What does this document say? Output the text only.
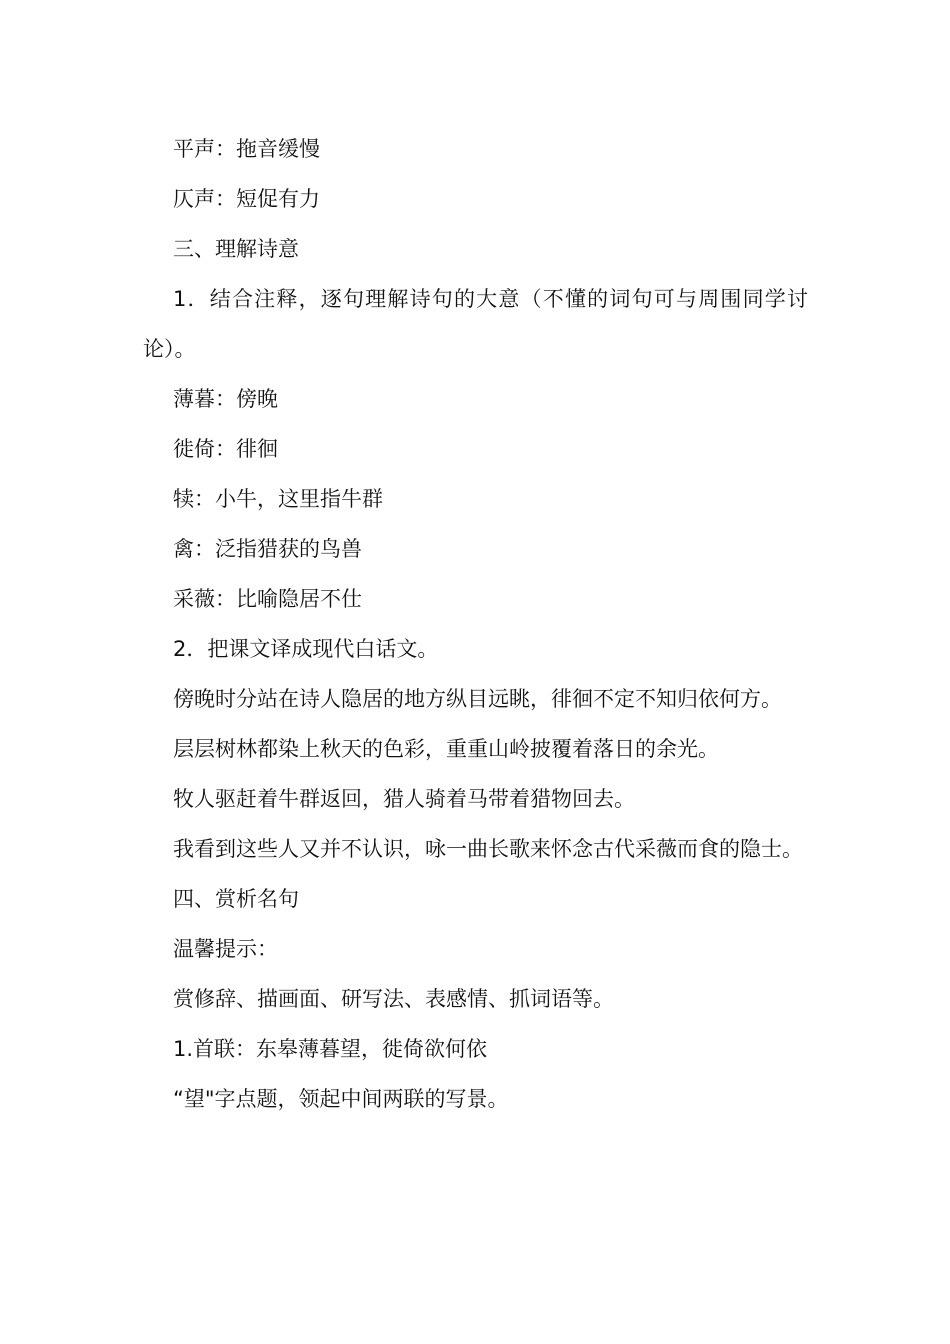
平声：拖音缓慢

仄声：短促有力

三、理解诗意

1．结合注释，逐句理解诗句的大意（不懂的词句可与周围同学讨论）。

薄暮：傍晚

徙倚：徘徊

犊：小牛，这里指牛群

禽：泛指猎获的鸟兽

采薇：比喻隐居不仕

2．把课文译成现代白话文。

傍晚时分站在诗人隐居的地方纵目远眺，徘徊不定不知归依何方。

层层树林都染上秋天的色彩，重重山岭披覆着落日的余光。

牧人驱赶着牛群返回，猎人骑着马带着猎物回去。

我看到这些人又并不认识，咏一曲长歌来怀念古代采薇而食的隐士。

四、赏析名句

温馨提示：

赏修辞、描画面、研写法、表感情、抓词语等。

1.首联：东皋薄暮望，徙倚欲何依

“望"字点题，领起中间两联的写景。
